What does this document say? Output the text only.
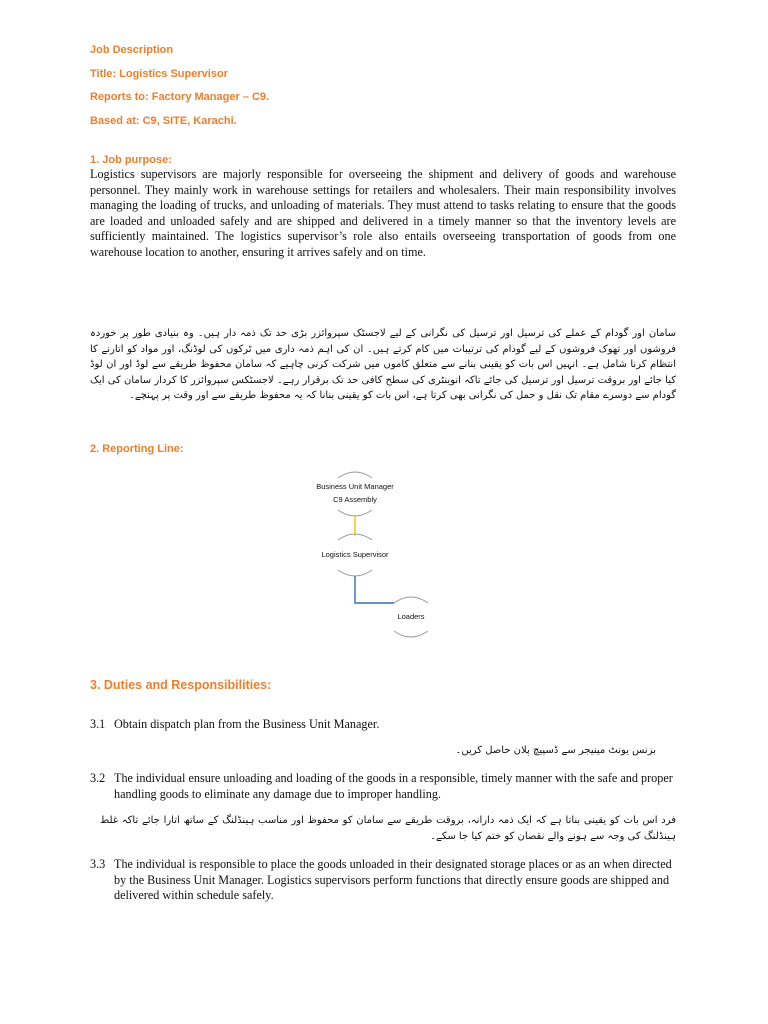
Job Description
Title: Logistics Supervisor
Reports to: Factory Manager – C9.
Based at: C9, SITE, Karachi.
1. Job purpose:
Logistics supervisors are majorly responsible for overseeing the shipment and delivery of goods and warehouse personnel. They mainly work in warehouse settings for retailers and wholesalers. Their main responsibility involves managing the loading of trucks, and unloading of materials. They must attend to tasks relating to ensure that the goods are loaded and unloaded safely and are shipped and delivered in a timely manner so that the inventory levels are sufficiently maintained. The logistics supervisor’s role also entails overseeing transportation of goods from one warehouse location to another, ensuring it arrives safely and on time.
سامان اور گودام کے عملے کی ترسیل اور ترسیل کی نگرانی کے لیے لاجسٹک سپروائزر بڑی حد تک ذمہ دار ہیں۔ وہ بنیادی طور پر خوردہ فروشوں اور تھوک فروشوں کے لیے گودام کی ترتیبات میں کام کرتے ہیں۔ ان کی اہم ذمہ داری میں ٹرکوں کی لوڈنگ، اور مواد کو اتارنے کا انتظام کرنا شامل ہے۔ انہیں اس بات کو یقینی بنانے سے متعلق کاموں میں شرکت کرنی چاہیے کہ سامان محفوظ طریقے سے لوڈ اور ان لوڈ کیا جائے اور بروقت ترسیل اور ترسیل کی جائے تاکہ انوینٹری کی سطح کافی حد تک برقرار رہے۔ لاجسٹکس سپروائزر کا کردار سامان کی ایک گودام سے دوسرے مقام تک نقل و حمل کی نگرانی بھی کرتا ہے، اس بات کو یقینی بنانا کہ یہ محفوظ طریقے سے اور وقت پر پہنچے۔
2. Reporting Line:
Business Unit Manager
C9 Assembly
Logistics Supervisor
Loaders
3. Duties and Responsibilities:
3.1 Obtain dispatch plan from the Business Unit Manager.
بزنس یونٹ مینیجر سے ڈسپیچ پلان حاصل کریں۔
3.2 The individual ensure unloading and loading of the goods in a responsible, timely manner with the safe and proper handling goods to eliminate any damage due to improper handling.
فرد اس بات کو یقینی بناتا ہے کہ ایک ذمہ دارانہ، بروقت طریقے سے سامان کو محفوظ اور مناسب ہینڈلنگ کے ساتھ اتارا جائے تاکہ غلط ہینڈلنگ کی وجہ سے ہونے والے نقصان کو ختم کیا جا سکے۔
3.3 The individual is responsible to place the goods unloaded in their designated storage places or as an when directed by the Business Unit Manager. Logistics supervisors perform functions that directly ensure goods are shipped and delivered within schedule safely.
